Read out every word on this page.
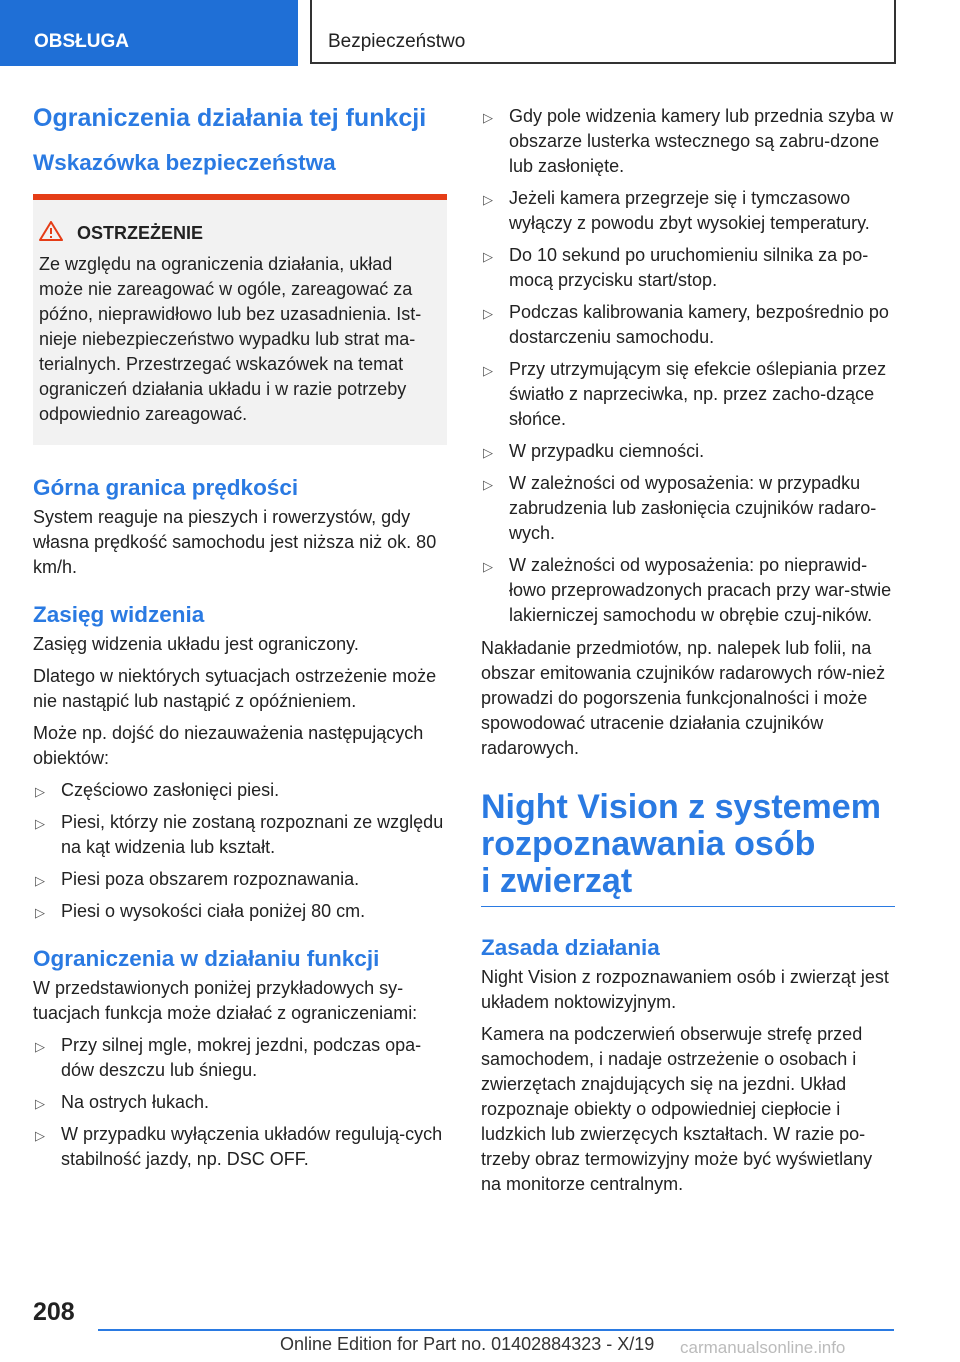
OBSŁUGA	Bezpieczeństwo
Ograniczenia działania tej funkcji
Wskazówka bezpieczeństwa
OSTRZEŻENIE

Ze względu na ograniczenia działania, układ może nie zareagować w ogóle, zareagować za późno, nieprawidłowo lub bez uzasadnienia. Ist-nieje niebezpieczeństwo wypadku lub strat ma-terialnych. Przestrzegać wskazówek na temat ograniczeń działania układu i w razie potrzeby odpowiednio zareagować.

Górna granica prędkości

System reaguje na pieszych i rowerzystów, gdy własna prędkość samochodu jest niższa niż ok. 80 km/h.

Zasięg widzenia

Zasięg widzenia układu jest ograniczony.

Dlatego w niektórych sytuacjach ostrzeżenie może nie nastąpić lub nastąpić z opóźnieniem.

Może np. dojść do niezauważenia następujących obiektów:

▷ Częściowo zasłonięci piesi.
▷ Piesi, którzy nie zostaną rozpoznani ze względu na kąt widzenia lub kształt.
▷ Piesi poza obszarem rozpoznawania.
▷ Piesi o wysokości ciała poniżej 80 cm.
Ograniczenia w działaniu funkcji

W przedstawionych poniżej przykładowych sy-tuacjach funkcja może działać z ograniczeniami:

▷ Przy silnej mgle, mokrej jezdni, podczas opa-dów deszczu lub śniegu.
▷ Na ostrych łukach.
▷ W przypadku wyłączenia układów regulują-cych stabilność jazdy, np. DSC OFF.
▷ Gdy pole widzenia kamery lub przednia szyba w obszarze lusterka wstecznego są zabru-dzone lub zasłonięte.
▷ Jeżeli kamera przegrzeje się i tymczasowo wyłączy z powodu zbyt wysokiej temperatury.
▷ Do 10 sekund po uruchomieniu silnika za po-mocą przycisku start/stop.
▷ Podczas kalibrowania kamery, bezpośrednio po dostarczeniu samochodu.
▷ Przy utrzymującym się efekcie oślepiania przez światło z naprzeciwka, np. przez zacho-dzące słońce.
▷ W przypadku ciemności.
▷ W zależności od wyposażenia: w przypadku zabrudzenia lub zasłonięcia czujników radaro-wych.
▷ W zależności od wyposażenia: po nieprawid-łowo przeprowadzonych pracach przy war-stwie lakierniczej samochodu w obrębie czuj-ników.

Nakładanie przedmiotów, np. nalepek lub folii, na obszar emitowania czujników radarowych rów-nież prowadzi do pogorszenia funkcjonalności i może spowodować utracenie działania czujników radarowych.

Night Vision z systemem
rozpoznawania osób
i zwierząt
Zasada działania

Night Vision z rozpoznawaniem osób i zwierząt jest układem noktowizyjnym.

Kamera na podczerwień obserwuje strefę przed samochodem, i nadaje ostrzeżenie o osobach i zwierzętach znajdujących się na jezdni. Układ rozpoznaje obiekty o odpowiedniej ciepłocie i ludzkich lub zwierzęcych kształtach. W razie po-trzeby obraz termowizyjny może być wyświetlany na monitorze centralnym.

208
Online Edition for Part no. 01402884323 - X/19 carmanualsonline.info
